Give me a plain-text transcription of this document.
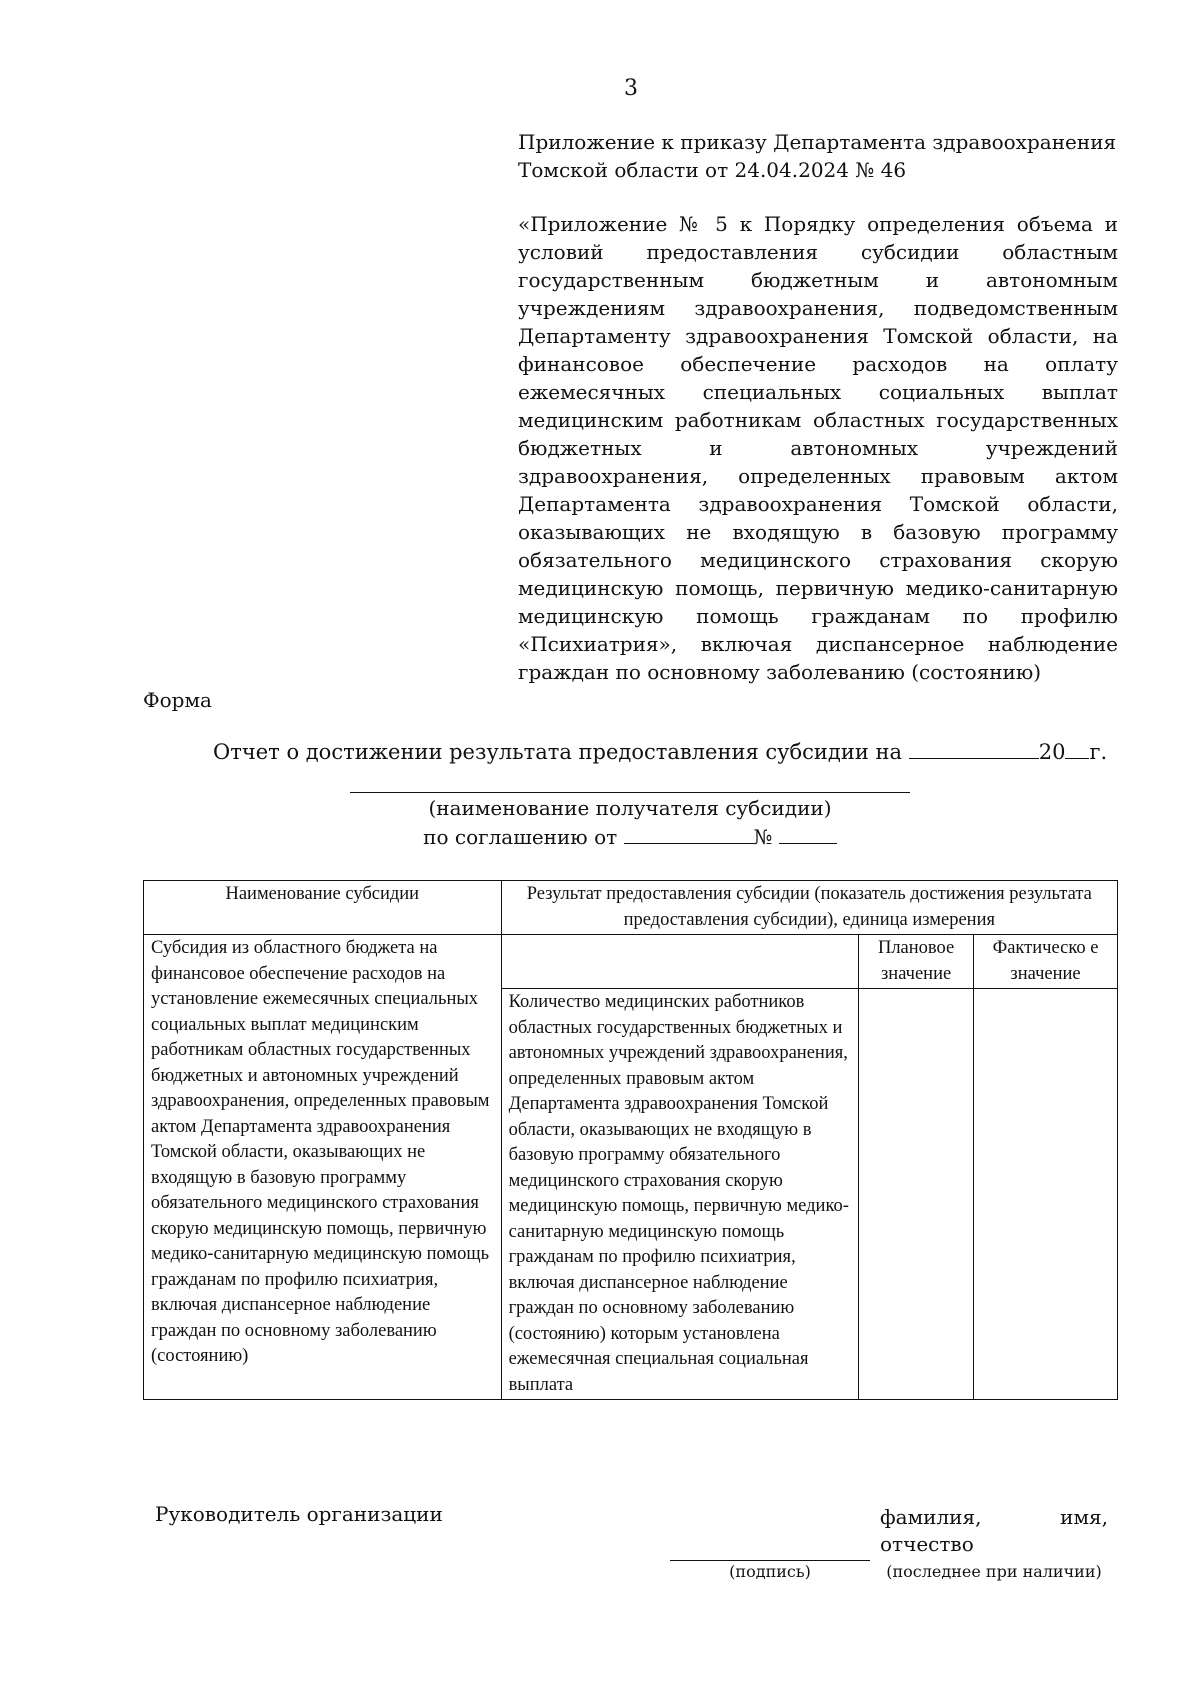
3
Приложение к приказу Департамента здравоохранения Томской области от 24.04.2024 № 46
«Приложение № 5 к Порядку определения объема и условий предоставления субсидии областным государственным бюджетным и автономным учреждениям здравоохранения, подведомственным Департаменту здравоохранения Томской области, на финансовое обеспечение расходов на оплату ежемесячных специальных социальных выплат медицинским работникам областных государственных бюджетных и автономных учреждений здравоохранения, определенных правовым актом Департамента здравоохранения Томской области, оказывающих не входящую в базовую программу обязательного медицинского страхования скорую медицинскую помощь, первичную медико-санитарную медицинскую помощь гражданам по профилю «Психиатрия», включая диспансерное наблюдение граждан по основному заболеванию (состоянию)
Форма
Отчет о достижении результата предоставления субсидии на	20 г.
(наименование получателя субсидии)
по соглашению от	№
Наименование субсидии	Результат предоставления субсидии (показатель достижения результата предоставления субсидии), единица измерения		
Субсидия из областного бюджета на финансовое обеспечение расходов на установление ежемесячных специальных социальных выплат медицинским работникам областных государственных бюджетных и автономных учреждений здравоохранения, определенных правовым актом Департамента здравоохранения Томской области, оказывающих не входящую в базовую программу обязательного медицинского страхования скорую медицинскую помощь, первичную медико-санитарную медицинскую помощь гражданам по профилю психиатрия, включая диспансерное наблюдение граждан по основному заболеванию (состоянию)		Плановое значение	Фактическо е значение
	Количество медицинских работников областных государственных бюджетных и автономных учреждений здравоохранения, определенных правовым актом Департамента здравоохранения Томской области, оказывающих не входящую в базовую программу обязательного медицинского страхования скорую медицинскую помощь, первичную медико-санитарную медицинскую помощь гражданам по профилю психиатрия, включая диспансерное наблюдение граждан по основному заболеванию (состоянию) которым установлена ежемесячная специальная социальная выплата		
Руководитель организации	фамилия, имя,
отчество
(подпись)	(последнее при наличии)
